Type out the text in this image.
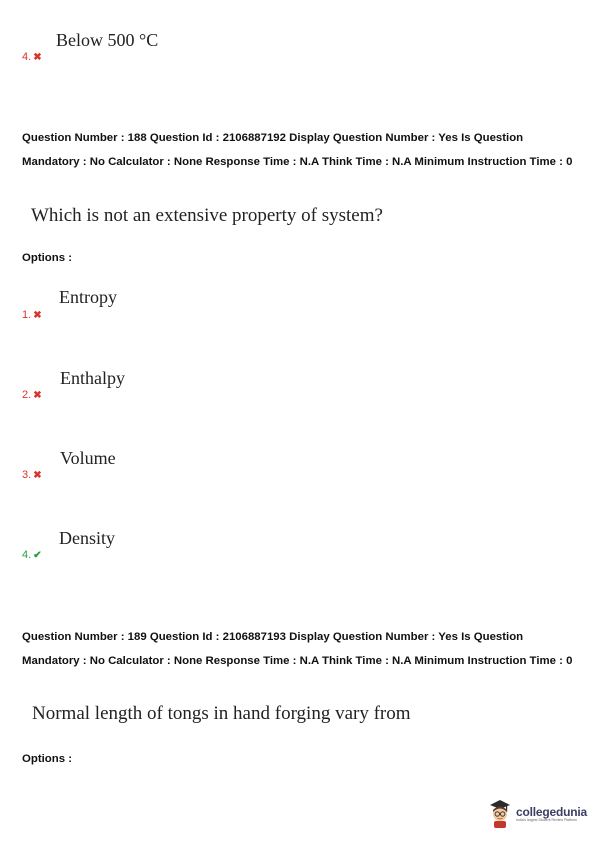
Below 500 °C
4. ✖
Question Number : 188 Question Id : 2106887192 Display Question Number : Yes Is Question Mandatory : No Calculator : None Response Time : N.A Think Time : N.A Minimum Instruction Time : 0
Which is not an extensive property of system?
Options :
Entropy
1. ✖
Enthalpy
2. ✖
Volume
3. ✖
Density
4. ✔
Question Number : 189 Question Id : 2106887193 Display Question Number : Yes Is Question Mandatory : No Calculator : None Response Time : N.A Think Time : N.A Minimum Instruction Time : 0
Normal length of tongs in hand forging vary from
Options :
collegedunia
India's largest Student Review Platform
